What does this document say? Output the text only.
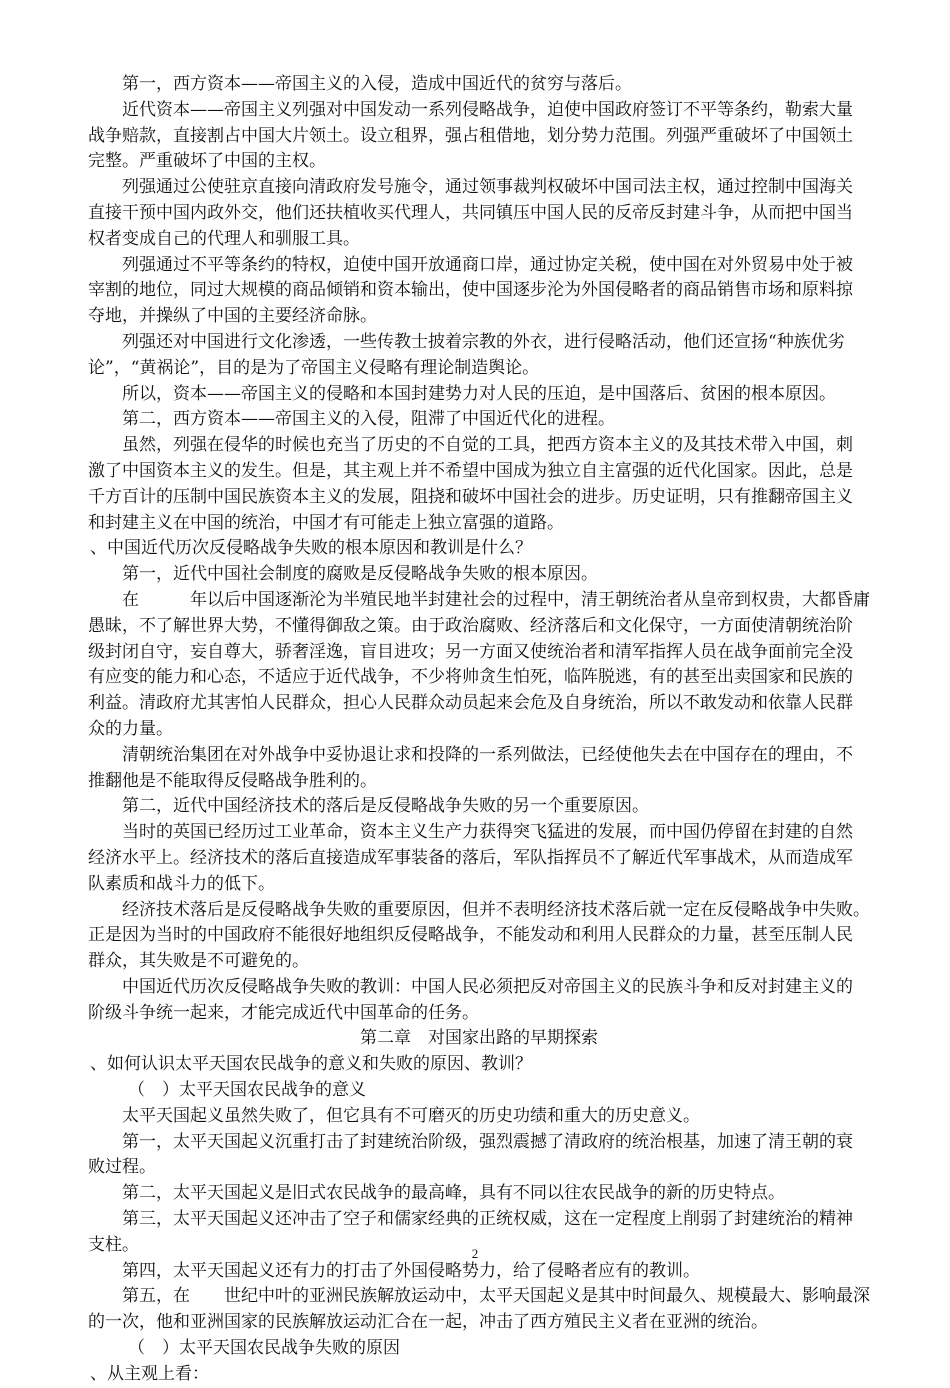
第一，西方资本——帝国主义的入侵，造成中国近代的贫穷与落后。
近代资本——帝国主义列强对中国发动一系列侵略战争，迫使中国政府签订不平等条约，勒索大量
战争赔款，直接割占中国大片领土。设立租界，强占租借地，划分势力范围。列强严重破坏了中国领土
完整。严重破坏了中国的主权。
列强通过公使驻京直接向清政府发号施令，通过领事裁判权破坏中国司法主权，通过控制中国海关
直接干预中国内政外交，他们还扶植收买代理人，共同镇压中国人民的反帝反封建斗争，从而把中国当
权者变成自己的代理人和驯服工具。
列强通过不平等条约的特权，迫使中国开放通商口岸，通过协定关税，使中国在对外贸易中处于被
宰割的地位，同过大规模的商品倾销和资本输出，使中国逐步沦为外国侵略者的商品销售市场和原料掠
夺地，并操纵了中国的主要经济命脉。
列强还对中国进行文化渗透，一些传教士披着宗教的外衣，进行侵略活动，他们还宣扬“种族优劣
论”，“黄祸论”，目的是为了帝国主义侵略有理论制造舆论。
所以，资本——帝国主义的侵略和本国封建势力对人民的压迫，是中国落后、贫困的根本原因。
第二，西方资本——帝国主义的入侵，阻滞了中国近代化的进程。
虽然，列强在侵华的时候也充当了历史的不自觉的工具，把西方资本主义的及其技术带入中国，刺
激了中国资本主义的发生。但是，其主观上并不希望中国成为独立自主富强的近代化国家。因此，总是
千方百计的压制中国民族资本主义的发展，阻挠和破坏中国社会的进步。历史证明，只有推翻帝国主义
和封建主义在中国的统治，中国才有可能走上独立富强的道路。
、中国近代历次反侵略战争失败的根本原因和教训是什么？
第一，近代中国社会制度的腐败是反侵略战争失败的根本原因。
在　　　年以后中国逐渐沦为半殖民地半封建社会的过程中，清王朝统治者从皇帝到权贵，大都昏庸
愚昧，不了解世界大势，不懂得御敌之策。由于政治腐败、经济落后和文化保守，一方面使清朝统治阶
级封闭自守，妄自尊大，骄奢淫逸，盲目进攻；另一方面又使统治者和清军指挥人员在战争面前完全没
有应变的能力和心态，不适应于近代战争，不少将帅贪生怕死，临阵脱逃，有的甚至出卖国家和民族的
利益。清政府尤其害怕人民群众，担心人民群众动员起来会危及自身统治，所以不敢发动和依靠人民群
众的力量。
清朝统治集团在对外战争中妥协退让求和投降的一系列做法，已经使他失去在中国存在的理由，不
推翻他是不能取得反侵略战争胜利的。
第二，近代中国经济技术的落后是反侵略战争失败的另一个重要原因。
当时的英国已经历过工业革命，资本主义生产力获得突飞猛进的发展，而中国仍停留在封建的自然
经济水平上。经济技术的落后直接造成军事装备的落后，军队指挥员不了解近代军事战术，从而造成军
队素质和战斗力的低下。
经济技术落后是反侵略战争失败的重要原因，但并不表明经济技术落后就一定在反侵略战争中失败。
正是因为当时的中国政府不能很好地组织反侵略战争，不能发动和利用人民群众的力量，甚至压制人民
群众，其失败是不可避免的。
中国近代历次反侵略战争失败的教训：中国人民必须把反对帝国主义的民族斗争和反对封建主义的
阶级斗争统一起来，才能完成近代中国革命的任务。
第二章　对国家出路的早期探索
、如何认识太平天国农民战争的意义和失败的原因、教训？
（　）太平天国农民战争的意义
太平天国起义虽然失败了，但它具有不可磨灭的历史功绩和重大的历史意义。
第一，太平天国起义沉重打击了封建统治阶级，强烈震撼了清政府的统治根基，加速了清王朝的衰
败过程。
第二，太平天国起义是旧式农民战争的最高峰，具有不同以往农民战争的新的历史特点。
第三，太平天国起义还冲击了空子和儒家经典的正统权威，这在一定程度上削弱了封建统治的精神
支柱。
第四，太平天国起义还有力的打击了外国侵略势力，给了侵略者应有的教训。
第五，在　　世纪中叶的亚洲民族解放运动中，太平天国起义是其中时间最久、规模最大、影响最深
的一次，他和亚洲国家的民族解放运动汇合在一起，冲击了西方殖民主义者在亚洲的统治。
（　）太平天国农民战争失败的原因
、从主观上看：
2
